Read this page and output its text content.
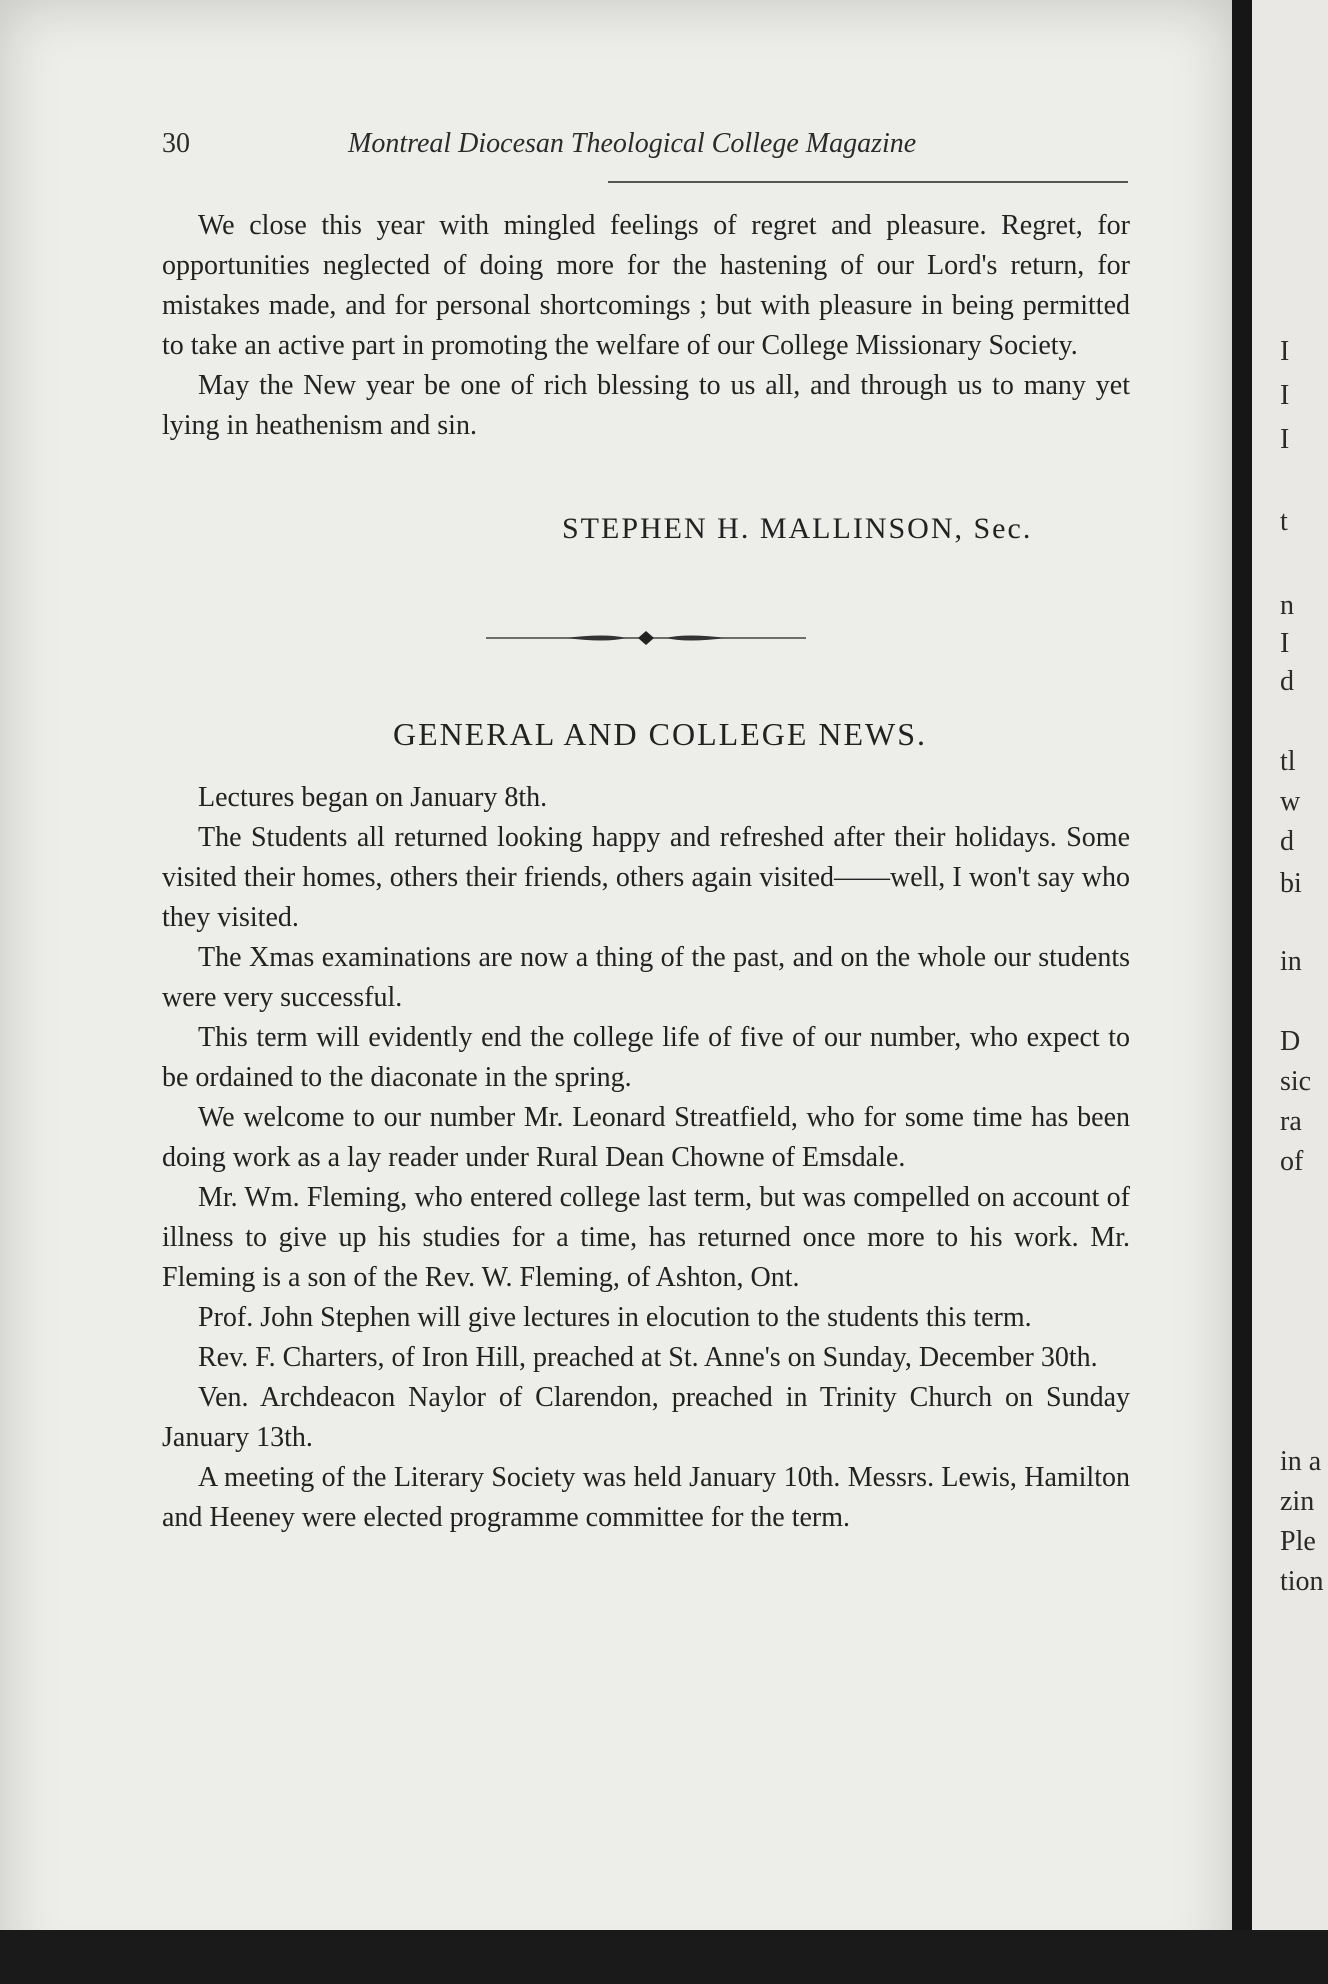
30	Montreal Diocesan Theological College Magazine

We close this year with mingled feelings of regret and pleasure. Regret, for opportunities neglected of doing more for the hastening of our Lord's return, for mistakes made, and for personal shortcomings ; but with pleasure in being permitted to take an active part in promoting the welfare of our College Missionary Society.

May the New year be one of rich blessing to us all, and through us to many yet lying in heathenism and sin.

STEPHEN H. MALLINSON, Sec.
GENERAL AND COLLEGE NEWS.

Lectures began on January 8th.

The Students all returned looking happy and refreshed after their holidays. Some visited their homes, others their friends, others again visited——well, I won't say who they visited.

The Xmas examinations are now a thing of the past, and on the whole our students were very successful.

This term will evidently end the college life of five of our number, who expect to be ordained to the diaconate in the spring.

We welcome to our number Mr. Leonard Streatfield, who for some time has been doing work as a lay reader under Rural Dean Chowne of Emsdale.

Mr. Wm. Fleming, who entered college last term, but was compelled on account of illness to give up his studies for a time, has returned once more to his work. Mr. Fleming is a son of the Rev. W. Fleming, of Ashton, Ont.

Prof. John Stephen will give lectures in elocution to the students this term.

Rev. F. Charters, of Iron Hill, preached at St. Anne's on Sunday, December 30th.

Ven. Archdeacon Naylor of Clarendon, preached in Trinity Church on Sunday January 13th.

A meeting of the Literary Society was held January 10th. Messrs. Lewis, Hamilton and Heeney were elected programme committee for the term.

I
I
I
t
n
I
d
tl
w
d
bi
in
D
sic
ra
of
in a
zin
Ple
tion
